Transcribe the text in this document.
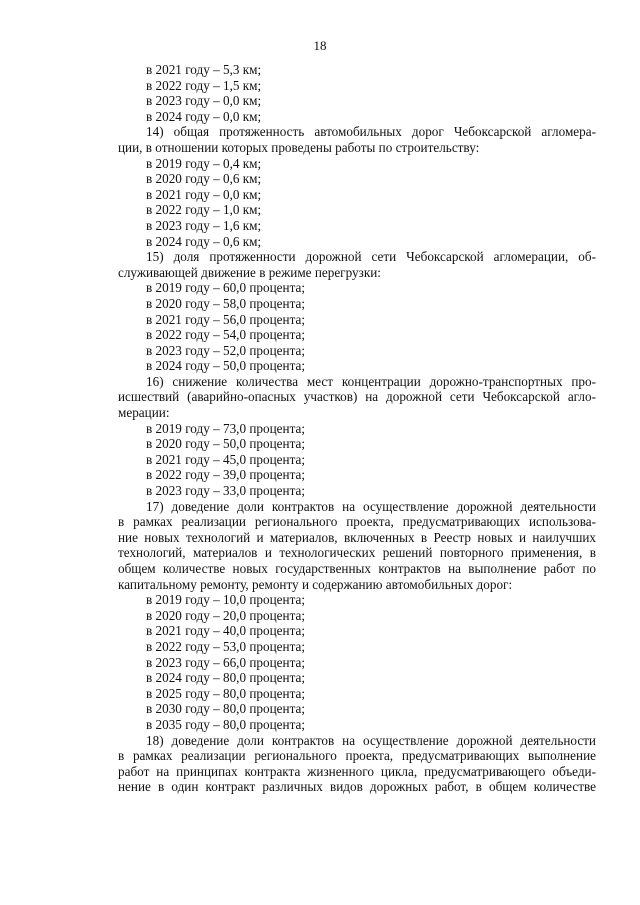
18
в 2021 году – 5,3 км;
в 2022 году – 1,5 км;
в 2023 году – 0,0 км;
в 2024 году – 0,0 км;
14) общая протяженность автомобильных дорог Чебоксарской агломера-
ции, в отношении которых проведены работы по строительству:
в 2019 году – 0,4 км;
в 2020 году – 0,6 км;
в 2021 году – 0,0 км;
в 2022 году – 1,0 км;
в 2023 году – 1,6 км;
в 2024 году – 0,6 км;
15) доля протяженности дорожной сети Чебоксарской агломерации, об-
служивающей движение в режиме перегрузки:
в 2019 году – 60,0 процента;
в 2020 году – 58,0 процента;
в 2021 году – 56,0 процента;
в 2022 году – 54,0 процента;
в 2023 году – 52,0 процента;
в 2024 году – 50,0 процента;
16) снижение количества мест концентрации дорожно-транспортных про-
исшествий (аварийно-опасных участков) на дорожной сети Чебоксарской агло-
мерации:
в 2019 году – 73,0 процента;
в 2020 году – 50,0 процента;
в 2021 году – 45,0 процента;
в 2022 году – 39,0 процента;
в 2023 году – 33,0 процента;
17) доведение доли контрактов на осуществление дорожной деятельности
в рамках реализации регионального проекта, предусматривающих использова-
ние новых технологий и материалов, включенных в Реестр новых и наилучших
технологий, материалов и технологических решений повторного применения, в
общем количестве новых государственных контрактов на выполнение работ по
капитальному ремонту, ремонту и содержанию автомобильных дорог:
в 2019 году – 10,0 процента;
в 2020 году – 20,0 процента;
в 2021 году – 40,0 процента;
в 2022 году – 53,0 процента;
в 2023 году – 66,0 процента;
в 2024 году – 80,0 процента;
в 2025 году – 80,0 процента;
в 2030 году – 80,0 процента;
в 2035 году – 80,0 процента;
18) доведение доли контрактов на осуществление дорожной деятельности
в рамках реализации регионального проекта, предусматривающих выполнение
работ на принципах контракта жизненного цикла, предусматривающего объеди-
нение в один контракт различных видов дорожных работ, в общем количестве
